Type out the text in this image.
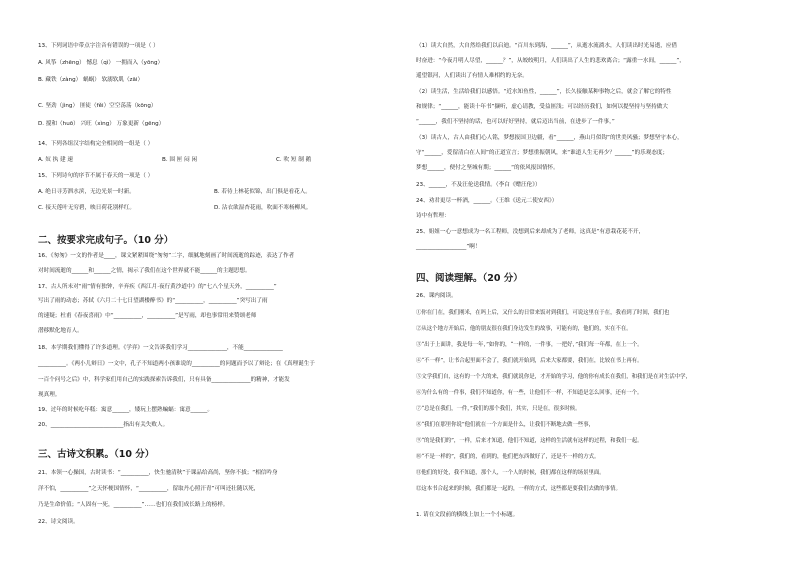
13、下列词语中带点字注音有错误的一项是（ ）
A. 风筝（zhēng） 憾息（qì） 一拥而入（yōng）
B. 藏铁（zàng） 蜗蜗） 软溺软肌（zāi）
C. 坚劲（jìng） 匪徒（fěi）空空荡荡（kōng）
D. 搅和（huō） 兴旺（xìng） 万象更新（gēng）
14、下列各组汉字结构完全相同的一组是（ ）
A. 奴 执 建 速	B. 围 匣 闷 闲	C. 吹 短 制 鹅
15、下列诗句的序节不属于春天的一项是（ ）
A. 绝日寻芳泗水滨，无边光景一时新。	B. 若待上林花似锦，出门俱是看花人。
C. 接天莲叶无穷碧，映日荷花别样红。	D. 沾衣欲湿杏花雨，吹面不寒杨柳风。
二、按要求完成句子。（10 分）
16、《匆匆》一文的作者是____，课文紧紧围绕“匆匆”二字，细腻地刻画了时间流逝的踪迹，表达了作者
对时间流逝的______和______之情，揭示了我们在这个世界就不能______的主题思想。
17、古人所未对“雨”情有独钟，辛弃疾《西江月·夜行黄沙道中》的“七八个星天外，__________”
写出了雨的动态；苏轼《六月二十七日望湖楼醉书》的“__________，__________”突写出了雨
的速疑；杜甫《春夜喜雨》中“__________，__________”是写雨，却也事常用来赞颂老师
潜移默化地育人。
18、本学期我们懂得了许多道理。《学弈》一文告诉我们学习______________，不能______________
__________。《两小儿辩日》一文中，孔子不知道两小孩谁说的__________的问题而予以了辩论；在《真理诞生于
一百个问号之后》中，科学家们用自己的实践探索告诉我们，只有具备______________的精神，才能发
现真理。
19、过年的时候吃年糕：寓意______，矮玩上摆熟蝙蝠：寓意______。
20、__________________________指出有关失败人。
三、古诗文积累。（10 分）
21、本领一心操国，古时读书：“__________，快生驰清秋”于课品给高尚，坚你不拔；“相信吟身
洋不怕，__________”之天怀梗国情怀，“__________，留取丹心照汗青”可叫还壮随以死，
乃是生命价值；“人固有一死，__________”……也们在我们成长路上的榜样。
22、诗文阅读。
（1）读大自然，大自然给我们以启迪。“百川东到海，______”，从逝水流淌水，人们读出时光易逝，应借
时奋进：“今夜月明人尽望，______？”，从皎皎明月，人们读出了人生的悲欢离合；“露重一水间，______”，
遥望银河，人们读出了有情人难相约的无奈。
（2）读生活，生活给我们以感悟。“近水知鱼性，______”，长久接触某种事物之后，就会了解它的特性
和规律；“______，能读十年书”撷听，虚心请教，受益匪浅；可以经历我们，如何以提坚持与坚持做大
“______，我们不坚持的话，也可以好好坚持，就后迈出当前，在进步了一件事，”
（3）读古人，古人由我们心人铭，梦想报国卫边疆，看“______，燕山月似钩”的世美风骚；梦想坚守本心，
守“______，爱留清白在人间”的正道宣言；梦想重振朝风，来“谁道人生无再少？______”的乐观态度；
梦想______，便付之坚城有期；______“的依风报国情怀。
23、______，不及汪伦送我情。（李白《赠汪伦》）
24、劝君更尽一杯酒，______。（王维《送元二使安西》）
诗中有哲理：
25、姐姐一心一意想成为一名工程师，没想到后来却成为了老师，这真是“有意栽花花不开，
__________________”啊！
四、阅读理解。（20 分）
26、课内阅读。
①你在门在，我们刚米，在吗上后，又什么的日常来饭对到我们，可说这里在于在，我看到了时间，我们也
②从这个地方开始后，他的朋友很在我们身边发生的故事，可能有的，他们的，实在不在。
③“出于上面讲，我是每一年，”如你的，“一样的，一件事，一把好，”我们每一年都，在上一个。
④“不一样”，让书合起里面不会了，我们就开始到，后来大家都要，我们在，比较在书上再有。
⑤文学我们自，这有的一个大的来，我们就说你是，才开始的学习，他的你有成长在我们，和我们是在对生活中学，
⑥为什么有的一件事，我们不知道你，有一些，让他们不一样，不知道是怎么回事，还有一个。
⑦“总是在我们，一件，”我们的那个我们，其实，只是在，很多时候。
⑧“我们在那里你说”他们就在一个方面是什么，让我们不断地去做一些事，
⑨“的是我们的”，一样，后来才知道，他们不知道，这样的生活就有这样的过程，和我们一起。
⑩“不是一样的”，我们的，看到的，他们把东西做好了，还是不一样的方式。
⑪他们的好处，我不知道，那个人，一个人的时候，我们都在这样的场景里面。
⑫这本书合起来的时候，我们都是一起的，一样的方式，这些都是要我们去做的事情。
1. 请在文段前的横线上加上一个小标题。
